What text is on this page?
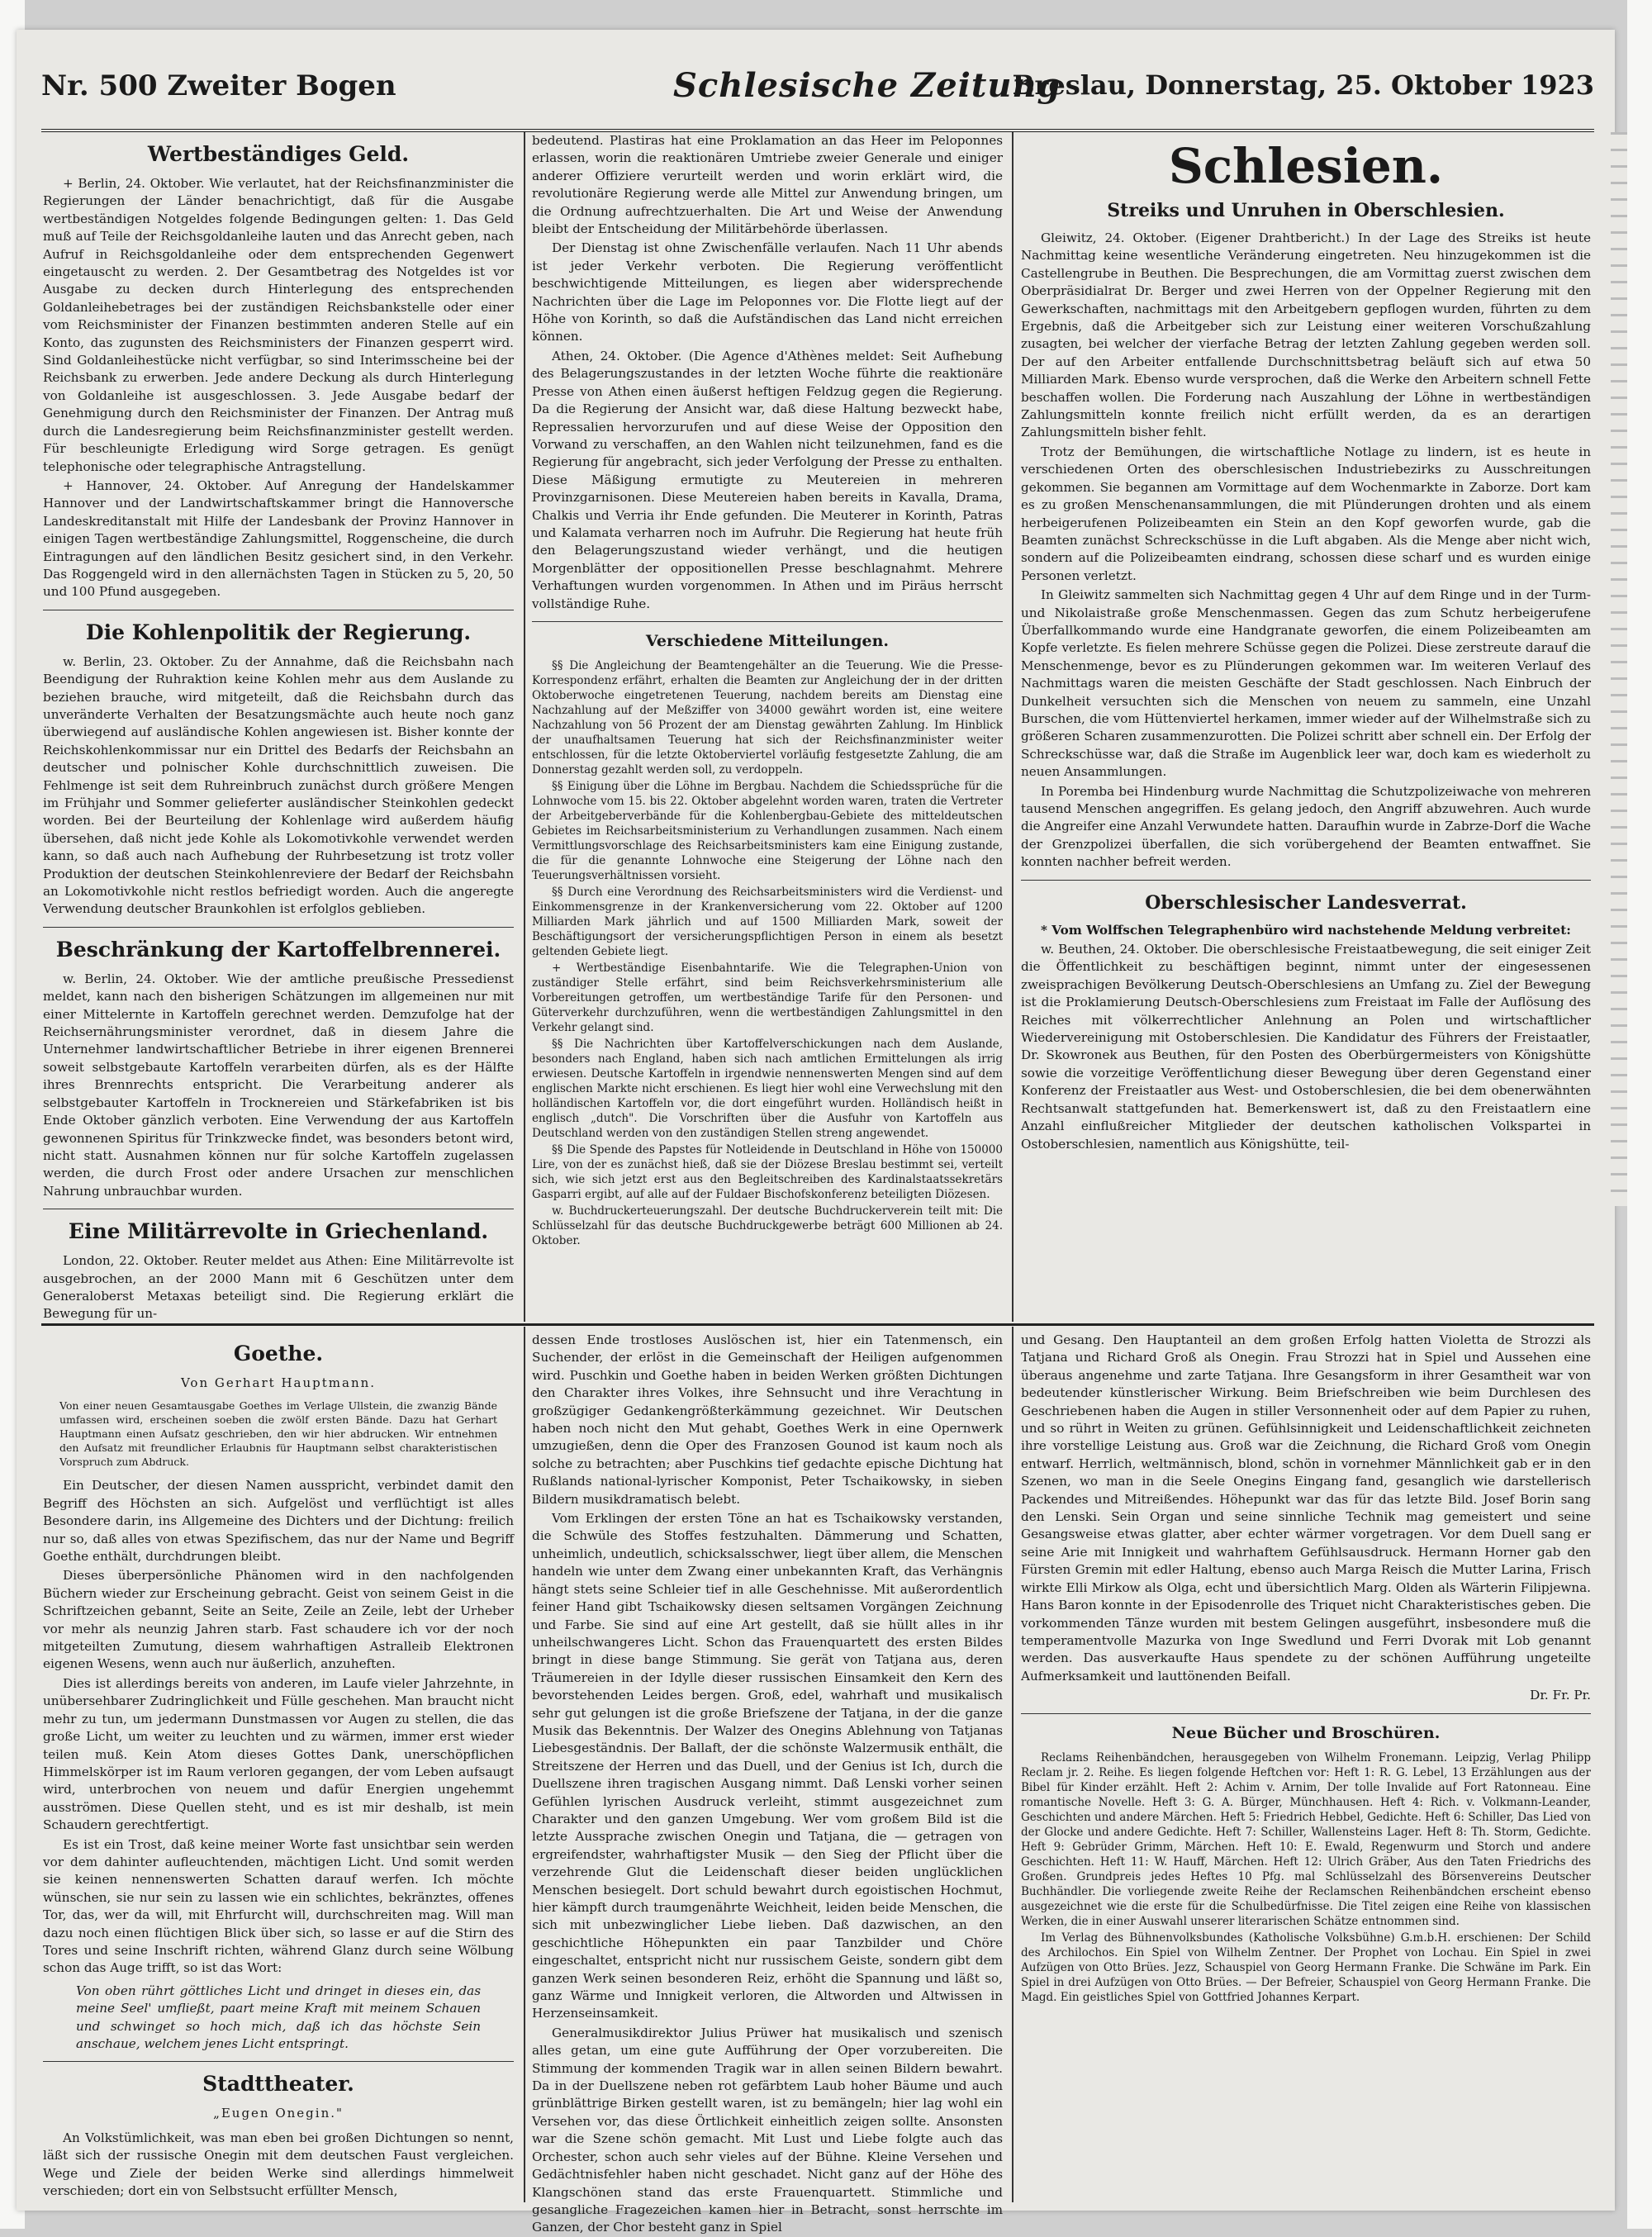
Nr. 500 Zweiter Bogen	Schlesische Zeitung
Breslau, Donnerstag, 25. Oktober 1923
Wertbeständiges Geld.
+ Berlin, 24. Oktober. Wie verlautet, hat der Reichsfinanzminister die Regierungen der Länder benachrichtigt, daß für die Ausgabe wertbeständigen Notgeldes folgende Bedingungen gelten: 1. Das Geld muß auf Teile der Reichsgoldanleihe lauten und das Anrecht geben, nach Aufruf in Reichsgoldanleihe oder dem entsprechenden Gegenwert eingetauscht zu werden. 2. Der Gesamtbetrag des Notgeldes ist vor Ausgabe zu decken durch Hinterlegung des entsprechenden Goldanleihebetrages bei der zuständigen Reichsbankstelle oder einer vom Reichsminister der Finanzen bestimmten anderen Stelle auf ein Konto, das zugunsten des Reichsministers der Finanzen gesperrt wird. Sind Goldanleihestücke nicht verfügbar, so sind Interimsscheine bei der Reichsbank zu erwerben. Jede andere Deckung als durch Hinterlegung von Goldanleihe ist ausgeschlossen. 3. Jede Ausgabe bedarf der Genehmigung durch den Reichsminister der Finanzen. Der Antrag muß durch die Landesregierung beim Reichsfinanzminister gestellt werden. Für beschleunigte Erledigung wird Sorge getragen. Es genügt telephonische oder telegraphische Antragstellung.
+ Hannover, 24. Oktober. Auf Anregung der Handelskammer Hannover und der Landwirtschaftskammer bringt die Hannoversche Landeskreditanstalt mit Hilfe der Landesbank der Provinz Hannover in einigen Tagen wertbeständige Zahlungsmittel, Roggenscheine, die durch Eintragungen auf den ländlichen Besitz gesichert sind, in den Verkehr. Das Roggengeld wird in den allernächsten Tagen in Stücken zu 5, 20, 50 und 100 Pfund ausgegeben.
Die Kohlenpolitik der Regierung.
w. Berlin, 23. Oktober. Zu der Annahme, daß die Reichsbahn nach Beendigung der Ruhraktion keine Kohlen mehr aus dem Auslande zu beziehen brauche, wird mitgeteilt, daß die Reichsbahn durch das unveränderte Verhalten der Besatzungsmächte auch heute noch ganz überwiegend auf ausländische Kohlen angewiesen ist. Bisher konnte der Reichskohlenkommissar nur ein Drittel des Bedarfs der Reichsbahn an deutscher und polnischer Kohle durchschnittlich zuweisen. Die Fehlmenge ist seit dem Ruhreinbruch zunächst durch größere Mengen im Frühjahr und Sommer gelieferter ausländischer Steinkohlen gedeckt worden. Bei der Beurteilung der Kohlenlage wird außerdem häufig übersehen, daß nicht jede Kohle als Lokomotivkohle verwendet werden kann, so daß auch nach Aufhebung der Ruhrbesetzung ist trotz voller Produktion der deutschen Steinkohlenreviere der Bedarf der Reichsbahn an Lokomotivkohle nicht restlos befriedigt worden. Auch die angeregte Verwendung deutscher Braunkohlen ist erfolglos geblieben.
Beschränkung der Kartoffelbrennerei.
w. Berlin, 24. Oktober. Wie der amtliche preußische Pressedienst meldet, kann nach den bisherigen Schätzungen im allgemeinen nur mit einer Mittelernte in Kartoffeln gerechnet werden. Demzufolge hat der Reichsernährungsminister verordnet, daß in diesem Jahre die Unternehmer landwirtschaftlicher Betriebe in ihrer eigenen Brennerei soweit selbstgebaute Kartoffeln verarbeiten dürfen, als es der Hälfte ihres Brennrechts entspricht. Die Verarbeitung anderer als selbstgebauter Kartoffeln in Trocknereien und Stärkefabriken ist bis Ende Oktober gänzlich verboten. Eine Verwendung der aus Kartoffeln gewonnenen Spiritus für Trinkzwecke findet, was besonders betont wird, nicht statt. Ausnahmen können nur für solche Kartoffeln zugelassen werden, die durch Frost oder andere Ursachen zur menschlichen Nahrung unbrauchbar wurden.
Eine Militärrevolte in Griechenland.
London, 22. Oktober. Reuter meldet aus Athen: Eine Militärrevolte ist ausgebrochen, an der 2000 Mann mit 6 Geschützen unter dem Generaloberst Metaxas beteiligt sind. Die Regierung erklärt die Bewegung für un-
bedeutend. Plastiras hat eine Proklamation an das Heer im Peloponnes erlassen, worin die reaktionären Umtriebe zweier Generale und einiger anderer Offiziere verurteilt werden und worin erklärt wird, die revolutionäre Regierung werde alle Mittel zur Anwendung bringen, um die Ordnung aufrechtzuerhalten. Die Art und Weise der Anwendung bleibt der Entscheidung der Militärbehörde überlassen.
Der Dienstag ist ohne Zwischenfälle verlaufen. Nach 11 Uhr abends ist jeder Verkehr verboten. Die Regierung veröffentlicht beschwichtigende Mitteilungen, es liegen aber widersprechende Nachrichten über die Lage im Peloponnes vor. Die Flotte liegt auf der Höhe von Korinth, so daß die Aufständischen das Land nicht erreichen können.
Athen, 24. Oktober. (Die Agence d'Athènes meldet: Seit Aufhebung des Belagerungszustandes in der letzten Woche führte die reaktionäre Presse von Athen einen äußerst heftigen Feldzug gegen die Regierung. Da die Regierung der Ansicht war, daß diese Haltung bezweckt habe, Repressalien hervorzurufen und auf diese Weise der Opposition den Vorwand zu verschaffen, an den Wahlen nicht teilzunehmen, fand es die Regierung für angebracht, sich jeder Verfolgung der Presse zu enthalten. Diese Mäßigung ermutigte zu Meutereien in mehreren Provinzgarnisonen. Diese Meutereien haben bereits in Kavalla, Drama, Chalkis und Verria ihr Ende gefunden. Die Meuterer in Korinth, Patras und Kalamata verharren noch im Aufruhr. Die Regierung hat heute früh den Belagerungszustand wieder verhängt, und die heutigen Morgenblätter der oppositionellen Presse beschlagnahmt. Mehrere Verhaftungen wurden vorgenommen. In Athen und im Piräus herrscht vollständige Ruhe.
Verschiedene Mitteilungen.
§§ Die Angleichung der Beamtengehälter an die Teuerung. Wie die Presse-Korrespondenz erfährt, erhalten die Beamten zur Angleichung der in der dritten Oktoberwoche eingetretenen Teuerung, nachdem bereits am Dienstag eine Nachzahlung auf der Meßziffer von 34000 gewährt worden ist, eine weitere Nachzahlung von 56 Prozent der am Dienstag gewährten Zahlung. Im Hinblick der unaufhaltsamen Teuerung hat sich der Reichsfinanzminister weiter entschlossen, für die letzte Oktoberviertel vorläufig festgesetzte Zahlung, die am Donnerstag gezahlt werden soll, zu verdoppeln.
§§ Einigung über die Löhne im Bergbau. Nachdem die Schiedssprüche für die Lohnwoche vom 15. bis 22. Oktober abgelehnt worden waren, traten die Vertreter der Arbeitgeberverbände für die Kohlenbergbau-Gebiete des mitteldeutschen Gebietes im Reichsarbeitsministerium zu Verhandlungen zusammen. Nach einem Vermittlungsvorschlage des Reichsarbeitsministers kam eine Einigung zustande, die für die genannte Lohnwoche eine Steigerung der Löhne nach den Teuerungsverhältnissen vorsieht.
§§ Durch eine Verordnung des Reichsarbeitsministers wird die Verdienst- und Einkommensgrenze in der Krankenversicherung vom 22. Oktober auf 1200 Milliarden Mark jährlich und auf 1500 Milliarden Mark, soweit der Beschäftigungsort der versicherungspflichtigen Person in einem als besetzt geltenden Gebiete liegt.
+ Wertbeständige Eisenbahntarife. Wie die Telegraphen-Union von zuständiger Stelle erfährt, sind beim Reichsverkehrsministerium alle Vorbereitungen getroffen, um wertbeständige Tarife für den Personen- und Güterverkehr durchzuführen, wenn die wertbeständigen Zahlungsmittel in den Verkehr gelangt sind.
§§ Die Nachrichten über Kartoffelverschickungen nach dem Auslande, besonders nach England, haben sich nach amtlichen Ermittelungen als irrig erwiesen. Deutsche Kartoffeln in irgendwie nennenswerten Mengen sind auf dem englischen Markte nicht erschienen. Es liegt hier wohl eine Verwechslung mit den holländischen Kartoffeln vor, die dort eingeführt wurden. Holländisch heißt in englisch „dutch". Die Vorschriften über die Ausfuhr von Kartoffeln aus Deutschland werden von den zuständigen Stellen streng angewendet.
§§ Die Spende des Papstes für Notleidende in Deutschland in Höhe von 150000 Lire, von der es zunächst hieß, daß sie der Diözese Breslau bestimmt sei, verteilt sich, wie sich jetzt erst aus den Begleitschreiben des Kardinalstaatssekretärs Gasparri ergibt, auf alle auf der Fuldaer Bischofskonferenz beteiligten Diözesen.
w. Buchdruckerteuerungszahl. Der deutsche Buchdruckerverein teilt mit: Die Schlüsselzahl für das deutsche Buchdruckgewerbe beträgt 600 Millionen ab 24. Oktober.
Schlesien.
Streiks und Unruhen in Oberschlesien.
Gleiwitz, 24. Oktober. (Eigener Drahtbericht.) In der Lage des Streiks ist heute Nachmittag keine wesentliche Veränderung eingetreten. Neu hinzugekommen ist die Castellengrube in Beuthen. Die Besprechungen, die am Vormittag zuerst zwischen dem Oberpräsidialrat Dr. Berger und zwei Herren von der Oppelner Regierung mit den Gewerkschaften, nachmittags mit den Arbeitgebern gepflogen wurden, führten zu dem Ergebnis, daß die Arbeitgeber sich zur Leistung einer weiteren Vorschußzahlung zusagten, bei welcher der vierfache Betrag der letzten Zahlung gegeben werden soll. Der auf den Arbeiter entfallende Durchschnittsbetrag beläuft sich auf etwa 50 Milliarden Mark. Ebenso wurde versprochen, daß die Werke den Arbeitern schnell Fette beschaffen wollen. Die Forderung nach Auszahlung der Löhne in wertbeständigen Zahlungsmitteln konnte freilich nicht erfüllt werden, da es an derartigen Zahlungsmitteln bisher fehlt.
Trotz der Bemühungen, die wirtschaftliche Notlage zu lindern, ist es heute in verschiedenen Orten des oberschlesischen Industriebezirks zu Ausschreitungen gekommen. Sie begannen am Vormittage auf dem Wochenmarkte in Zaborze. Dort kam es zu großen Menschenansammlungen, die mit Plünderungen drohten und als einem herbeigerufenen Polizeibeamten ein Stein an den Kopf geworfen wurde, gab die Beamten zunächst Schreckschüsse in die Luft abgaben. Als die Menge aber nicht wich, sondern auf die Polizeibeamten eindrang, schossen diese scharf und es wurden einige Personen verletzt.
In Gleiwitz sammelten sich Nachmittag gegen 4 Uhr auf dem Ringe und in der Turm- und Nikolaistraße große Menschenmassen. Gegen das zum Schutz herbeigerufene Überfallkommando wurde eine Handgranate geworfen, die einem Polizeibeamten am Kopfe verletzte. Es fielen mehrere Schüsse gegen die Polizei. Diese zerstreute darauf die Menschenmenge, bevor es zu Plünderungen gekommen war. Im weiteren Verlauf des Nachmittags waren die meisten Geschäfte der Stadt geschlossen. Nach Einbruch der Dunkelheit versuchten sich die Menschen von neuem zu sammeln, eine Unzahl Burschen, die vom Hüttenviertel herkamen, immer wieder auf der Wilhelmstraße sich zu größeren Scharen zusammenzurotten. Die Polizei schritt aber schnell ein. Der Erfolg der Schreckschüsse war, daß die Straße im Augenblick leer war, doch kam es wiederholt zu neuen Ansammlungen.
In Poremba bei Hindenburg wurde Nachmittag die Schutzpolizeiwache von mehreren tausend Menschen angegriffen. Es gelang jedoch, den Angriff abzuwehren. Auch wurde die Angreifer eine Anzahl Verwundete hatten. Daraufhin wurde in Zabrze-Dorf die Wache der Grenzpolizei überfallen, die sich vorübergehend der Beamten entwaffnet. Sie konnten nachher befreit werden.
Oberschlesischer Landesverrat.
* Vom Wolffschen Telegraphenbüro wird nachstehende Meldung verbreitet:
w. Beuthen, 24. Oktober. Die oberschlesische Freistaatbewegung, die seit einiger Zeit die Öffentlichkeit zu beschäftigen beginnt, nimmt unter der eingesessenen zweisprachigen Bevölkerung Deutsch-Oberschlesiens an Umfang zu. Ziel der Bewegung ist die Proklamierung Deutsch-Oberschlesiens zum Freistaat im Falle der Auflösung des Reiches mit völkerrechtlicher Anlehnung an Polen und wirtschaftlicher Wiedervereinigung mit Ostoberschlesien. Die Kandidatur des Führers der Freistaatler, Dr. Skowronek aus Beuthen, für den Posten des Oberbürgermeisters von Königshütte sowie die vorzeitige Veröffentlichung dieser Bewegung über deren Gegenstand einer Konferenz der Freistaatler aus West- und Ostoberschlesien, die bei dem obenerwähnten Rechtsanwalt stattgefunden hat. Bemerkenswert ist, daß zu den Freistaatlern eine Anzahl einflußreicher Mitglieder der deutschen katholischen Volkspartei in Ostoberschlesien, namentlich aus Königshütte, teil-
Goethe.
Von Gerhart Hauptmann.
Von einer neuen Gesamtausgabe Goethes im Verlage Ullstein, die zwanzig Bände umfassen wird, erscheinen soeben die zwölf ersten Bände. Dazu hat Gerhart Hauptmann einen Aufsatz geschrieben, den wir hier abdrucken. Wir entnehmen den Aufsatz mit freundlicher Erlaubnis für Hauptmann selbst charakteristischen Vorspruch zum Abdruck.
Ein Deutscher, der diesen Namen ausspricht, verbindet damit den Begriff des Höchsten an sich. Aufgelöst und verflüchtigt ist alles Besondere darin, ins Allgemeine des Dichters und der Dichtung: freilich nur so, daß alles von etwas Spezifischem, das nur der Name und Begriff Goethe enthält, durchdrungen bleibt.
Dieses überpersönliche Phänomen wird in den nachfolgenden Büchern wieder zur Erscheinung gebracht. Geist von seinem Geist in die Schriftzeichen gebannt, Seite an Seite, Zeile an Zeile, lebt der Urheber vor mehr als neunzig Jahren starb. Fast schaudere ich vor der noch mitgeteilten Zumutung, diesem wahrhaftigen Astralleib Elektronen eigenen Wesens, wenn auch nur äußerlich, anzuheften.
Dies ist allerdings bereits von anderen, im Laufe vieler Jahrzehnte, in unübersehbarer Zudringlichkeit und Fülle geschehen. Man braucht nicht mehr zu tun, um jedermann Dunstmassen vor Augen zu stellen, die das große Licht, um weiter zu leuchten und zu wärmen, immer erst wieder teilen muß. Kein Atom dieses Gottes Dank, unerschöpflichen Himmelskörper ist im Raum verloren gegangen, der vom Leben aufsaugt wird, unterbrochen von neuem und dafür Energien ungehemmt ausströmen. Diese Quellen steht, und es ist mir deshalb, ist mein Schaudern gerechtfertigt.
Es ist ein Trost, daß keine meiner Worte fast unsichtbar sein werden vor dem dahinter aufleuchtenden, mächtigen Licht. Und somit werden sie keinen nennenswerten Schatten darauf werfen. Ich möchte wünschen, sie nur sein zu lassen wie ein schlichtes, bekränztes, offenes Tor, das, wer da will, mit Ehrfurcht will, durchschreiten mag. Will man dazu noch einen flüchtigen Blick über sich, so lasse er auf die Stirn des Tores und seine Inschrift richten, während Glanz durch seine Wölbung schon das Auge trifft, so ist das Wort:
Von oben rührt göttliches Licht und dringet in dieses ein, das meine Seel' umfließt, paart meine Kraft mit meinem Schauen und schwinget so hoch mich, daß ich das höchste Sein anschaue, welchem jenes Licht entspringt.
Stadttheater.
„Eugen Onegin."
An Volkstümlichkeit, was man eben bei großen Dichtungen so nennt, läßt sich der russische Onegin mit dem deutschen Faust vergleichen. Wege und Ziele der beiden Werke sind allerdings himmelweit verschieden; dort ein von Selbstsucht erfüllter Mensch,
dessen Ende trostloses Auslöschen ist, hier ein Tatenmensch, ein Suchender, der erlöst in die Gemeinschaft der Heiligen aufgenommen wird. Puschkin und Goethe haben in beiden Werken größten Dichtungen den Charakter ihres Volkes, ihre Sehnsucht und ihre Verachtung in großzügiger Gedankengrößterkämmung gezeichnet. Wir Deutschen haben noch nicht den Mut gehabt, Goethes Werk in eine Opernwerk umzugießen, denn die Oper des Franzosen Gounod ist kaum noch als solche zu betrachten; aber Puschkins tief gedachte epische Dichtung hat Rußlands national-lyrischer Komponist, Peter Tschaikowsky, in sieben Bildern musikdramatisch belebt.
Vom Erklingen der ersten Töne an hat es Tschaikowsky verstanden, die Schwüle des Stoffes festzuhalten. Dämmerung und Schatten, unheimlich, undeutlich, schicksalsschwer, liegt über allem, die Menschen handeln wie unter dem Zwang einer unbekannten Kraft, das Verhängnis hängt stets seine Schleier tief in alle Geschehnisse. Mit außerordentlich feiner Hand gibt Tschaikowsky diesen seltsamen Vorgängen Zeichnung und Farbe. Sie sind auf eine Art gestellt, daß sie hüllt alles in ihr unheilschwangeres Licht. Schon das Frauenquartett des ersten Bildes bringt in diese bange Stimmung. Sie gerät von Tatjana aus, deren Träumereien in der Idylle dieser russischen Einsamkeit den Kern des bevorstehenden Leides bergen. Groß, edel, wahrhaft und musikalisch sehr gut gelungen ist die große Briefszene der Tatjana, in der die ganze Musik das Bekenntnis. Der Walzer des Onegins Ablehnung von Tatjanas Liebesgeständnis. Der Ballaft, der die schönste Walzermusik enthält, die Streitszene der Herren und das Duell, und der Genius ist Ich, durch die Duellszene ihren tragischen Ausgang nimmt. Daß Lenski vorher seinen Gefühlen lyrischen Ausdruck verleiht, stimmt ausgezeichnet zum Charakter und den ganzen Umgebung. Wer vom großem Bild ist die letzte Aussprache zwischen Onegin und Tatjana, die — getragen von ergreifendster, wahrhaftigster Musik — den Sieg der Pflicht über die verzehrende Glut die Leidenschaft dieser beiden unglücklichen Menschen besiegelt. Dort schuld bewahrt durch egoistischen Hochmut, hier kämpft durch traumgenährte Weichheit, leiden beide Menschen, die sich mit unbezwinglicher Liebe lieben. Daß dazwischen, an den geschichtliche Höhepunkten ein paar Tanzbilder und Chöre eingeschaltet, entspricht nicht nur russischem Geiste, sondern gibt dem ganzen Werk seinen besonderen Reiz, erhöht die Spannung und läßt so, ganz Wärme und Innigkeit verloren, die Altworden und Altwissen in Herzenseinsamkeit.
Generalmusikdirektor Julius Prüwer hat musikalisch und szenisch alles getan, um eine gute Aufführung der Oper vorzubereiten. Die Stimmung der kommenden Tragik war in allen seinen Bildern bewahrt. Da in der Duellszene neben rot gefärbtem Laub hoher Bäume und auch grünblättrige Birken gestellt waren, ist zu bemängeln; hier lag wohl ein Versehen vor, das diese Örtlichkeit einheitlich zeigen sollte. Ansonsten war die Szene schön gemacht. Mit Lust und Liebe folgte auch das Orchester, schon auch sehr vieles auf der Bühne. Kleine Versehen und Gedächtnisfehler haben nicht geschadet. Nicht ganz auf der Höhe des Klangschönen stand das erste Frauenquartett. Stimmliche und gesangliche Fragezeichen kamen hier in Betracht, sonst herrschte im Ganzen, der Chor besteht ganz in Spiel
und Gesang. Den Hauptanteil an dem großen Erfolg hatten Violetta de Strozzi als Tatjana und Richard Groß als Onegin. Frau Strozzi hat in Spiel und Aussehen eine überaus angenehme und zarte Tatjana. Ihre Gesangsform in ihrer Gesamtheit war von bedeutender künstlerischer Wirkung. Beim Briefschreiben wie beim Durchlesen des Geschriebenen haben die Augen in stiller Versonnenheit oder auf dem Papier zu ruhen, und so rührt in Weiten zu grünen. Gefühlsinnigkeit und Leidenschaftlichkeit zeichneten ihre vorstellige Leistung aus. Groß war die Zeichnung, die Richard Groß vom Onegin entwarf. Herrlich, weltmännisch, blond, schön in vornehmer Männlichkeit gab er in den Szenen, wo man in die Seele Onegins Eingang fand, gesanglich wie darstellerisch Packendes und Mitreißendes. Höhepunkt war das für das letzte Bild. Josef Borin sang den Lenski. Sein Organ und seine sinnliche Technik mag gemeistert und seine Gesangsweise etwas glatter, aber echter wärmer vorgetragen. Vor dem Duell sang er seine Arie mit Innigkeit und wahrhaftem Gefühlsausdruck. Hermann Horner gab den Fürsten Gremin mit edler Haltung, ebenso auch Marga Reisch die Mutter Larina, Frisch wirkte Elli Mirkow als Olga, echt und übersichtlich Marg. Olden als Wärterin Filipjewna. Hans Baron konnte in der Episodenrolle des Triquet nicht Charakteristisches geben. Die vorkommenden Tänze wurden mit bestem Gelingen ausgeführt, insbesondere muß die temperamentvolle Mazurka von Inge Swedlund und Ferri Dvorak mit Lob genannt werden. Das ausverkaufte Haus spendete zu der schönen Aufführung ungeteilte Aufmerksamkeit und lauttönenden Beifall.
Dr. Fr. Pr.
Neue Bücher und Broschüren.
Reclams Reihenbändchen, herausgegeben von Wilhelm Fronemann. Leipzig, Verlag Philipp Reclam jr. 2. Reihe. Es liegen folgende Heftchen vor: Heft 1: R. G. Lebel, 13 Erzählungen aus der Bibel für Kinder erzählt. Heft 2: Achim v. Arnim, Der tolle Invalide auf Fort Ratonneau. Eine romantische Novelle. Heft 3: G. A. Bürger, Münchhausen. Heft 4: Rich. v. Volkmann-Leander, Geschichten und andere Märchen. Heft 5: Friedrich Hebbel, Gedichte. Heft 6: Schiller, Das Lied von der Glocke und andere Gedichte. Heft 7: Schiller, Wallensteins Lager. Heft 8: Th. Storm, Gedichte. Heft 9: Gebrüder Grimm, Märchen. Heft 10: E. Ewald, Regenwurm und Storch und andere Geschichten. Heft 11: W. Hauff, Märchen. Heft 12: Ulrich Gräber, Aus den Taten Friedrichs des Großen. Grundpreis jedes Heftes 10 Pfg. mal Schlüsselzahl des Börsenvereins Deutscher Buchhändler. Die vorliegende zweite Reihe der Reclamschen Reihenbändchen erscheint ebenso ausgezeichnet wie die erste für die Schulbedürfnisse. Die Titel zeigen eine Reihe von klassischen Werken, die in einer Auswahl unserer literarischen Schätze entnommen sind.
Im Verlag des Bühnenvolksbundes (Katholische Volksbühne) G.m.b.H. erschienen: Der Schild des Archilochos. Ein Spiel von Wilhelm Zentner. Der Prophet von Lochau. Ein Spiel in zwei Aufzügen von Otto Brües. Jezz, Schauspiel von Georg Hermann Franke. Die Schwäne im Park. Ein Spiel in drei Aufzügen von Otto Brües. — Der Befreier, Schauspiel von Georg Hermann Franke. Die Magd. Ein geistliches Spiel von Gottfried Johannes Kerpart.
